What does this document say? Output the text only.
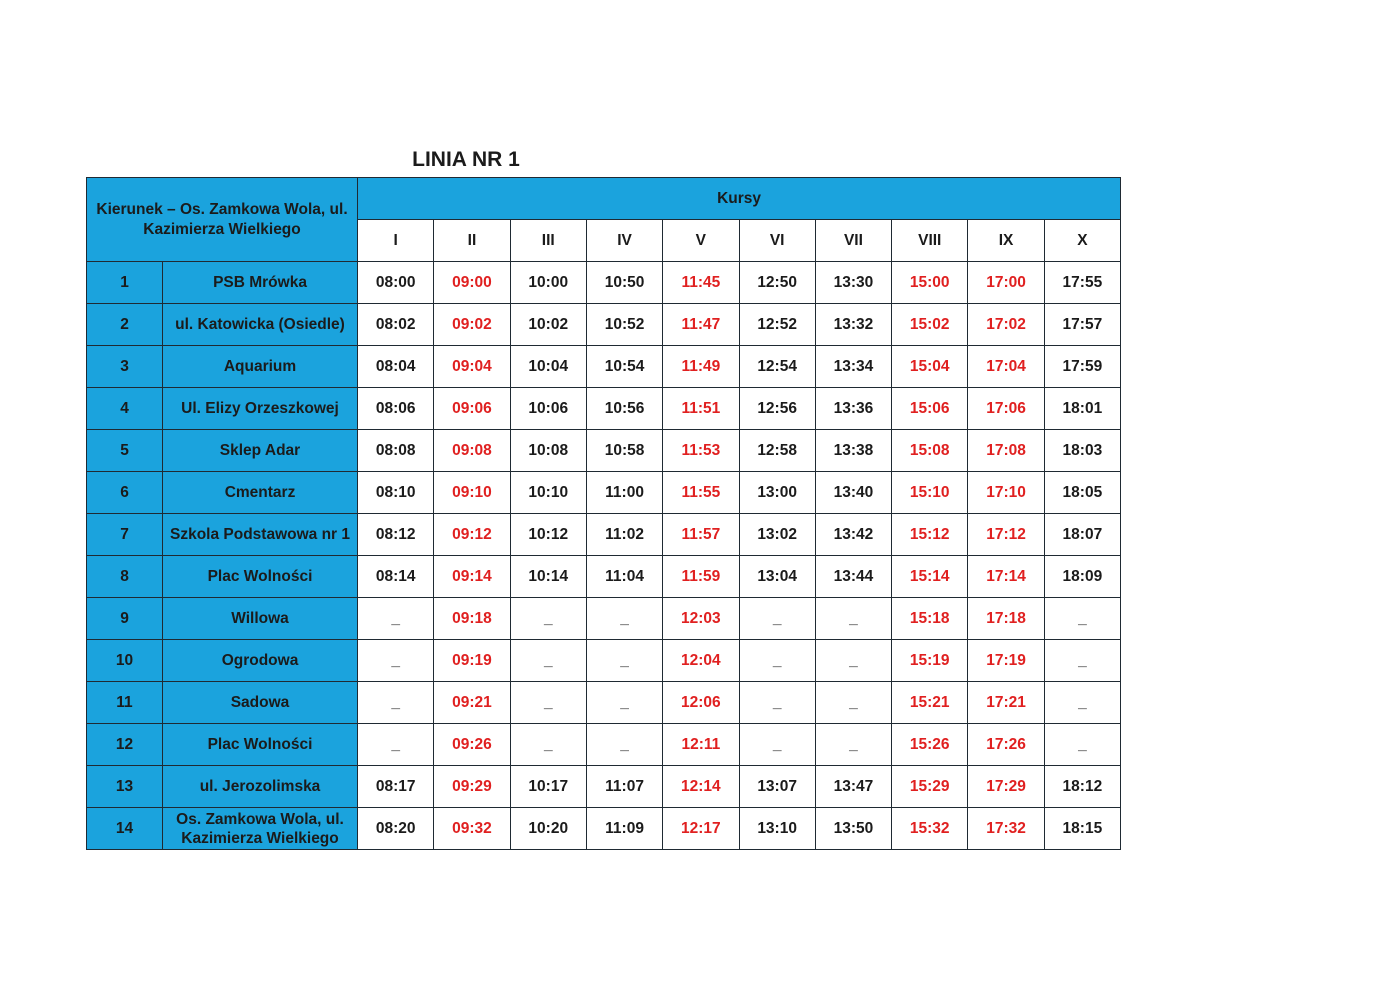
LINIA NR 1
Kierunek – Os. Zamkowa Wola, ul. Kazimierza Wielkiego		Kursy									
		I	II	III	IV	V	VI	VII	VIII	IX	X
1	PSB Mrówka	08:00	09:00	10:00	10:50	11:45	12:50	13:30	15:00	17:00	17:55
2	ul. Katowicka (Osiedle)	08:02	09:02	10:02	10:52	11:47	12:52	13:32	15:02	17:02	17:57
3	Aquarium	08:04	09:04	10:04	10:54	11:49	12:54	13:34	15:04	17:04	17:59
4	Ul. Elizy Orzeszkowej	08:06	09:06	10:06	10:56	11:51	12:56	13:36	15:06	17:06	18:01
5	Sklep Adar	08:08	09:08	10:08	10:58	11:53	12:58	13:38	15:08	17:08	18:03
6	Cmentarz	08:10	09:10	10:10	11:00	11:55	13:00	13:40	15:10	17:10	18:05
7	Szkola Podstawowa nr 1	08:12	09:12	10:12	11:02	11:57	13:02	13:42	15:12	17:12	18:07
8	Plac Wolności	08:14	09:14	10:14	11:04	11:59	13:04	13:44	15:14	17:14	18:09
9	Willowa	_	09:18	_	_	12:03	_	_	15:18	17:18	_
10	Ogrodowa	_	09:19	_	_	12:04	_	_	15:19	17:19	_
11	Sadowa	_	09:21	_	_	12:06	_	_	15:21	17:21	_
12	Plac Wolności	_	09:26	_	_	12:11	_	_	15:26	17:26	_
13	ul. Jerozolimska	08:17	09:29	10:17	11:07	12:14	13:07	13:47	15:29	17:29	18:12
14	Os. Zamkowa Wola, ul. Kazimierza Wielkiego	08:20	09:32	10:20	11:09	12:17	13:10	13:50	15:32	17:32	18:15
